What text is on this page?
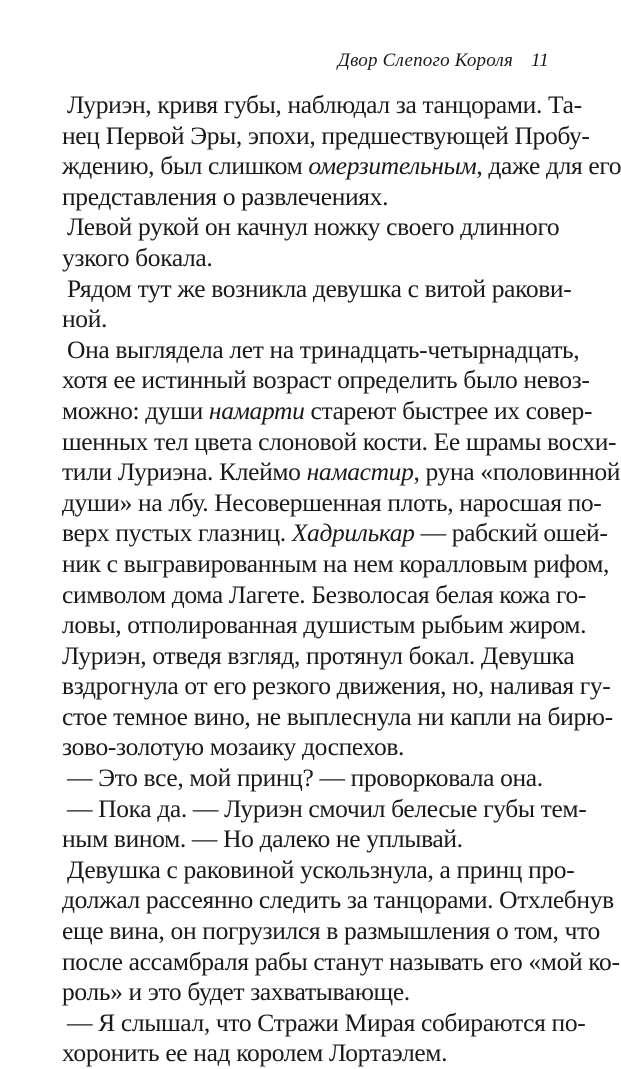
Двор Слепого Короля 11
Луриэн, кривя губы, наблюдал за танцорами. Та-
нец Первой Эры, эпохи, предшествующей Пробу-
ждению, был слишком омерзительным, даже для его
представления о развлечениях.
Левой рукой он качнул ножку своего длинного
узкого бокала.
Рядом тут же возникла девушка с витой ракови-
ной.
Она выглядела лет на тринадцать-четырнадцать,
хотя ее истинный возраст определить было невоз-
можно: души намарти стареют быстрее их совер-
шенных тел цвета слоновой кости. Ее шрамы восхи-
тили Луриэна. Клеймо намастир, руна «половинной
души» на лбу. Несовершенная плоть, наросшая по-
верх пустых глазниц. Хадрилькар — рабский ошей-
ник с выгравированным на нем коралловым рифом,
символом дома Лагете. Безволосая белая кожа го-
ловы, отполированная душистым рыбьим жиром.
Луриэн, отведя взгляд, протянул бокал. Девушка
вздрогнула от его резкого движения, но, наливая гу-
стое темное вино, не выплеснула ни капли на бирю-
зово-золотую мозаику доспехов.
— Это все, мой принц? — проворковала она.
— Пока да. — Луриэн смочил белесые губы тем-
ным вином. — Но далеко не уплывай.
Девушка с раковиной ускользнула, а принц про-
должал рассеянно следить за танцорами. Отхлебнув
еще вина, он погрузился в размышления о том, что
после ассамбраля рабы станут называть его «мой ко-
роль» и это будет захватывающе.
— Я слышал, что Стражи Мирая собираются по-
хоронить ее над королем Лортаэлем.
